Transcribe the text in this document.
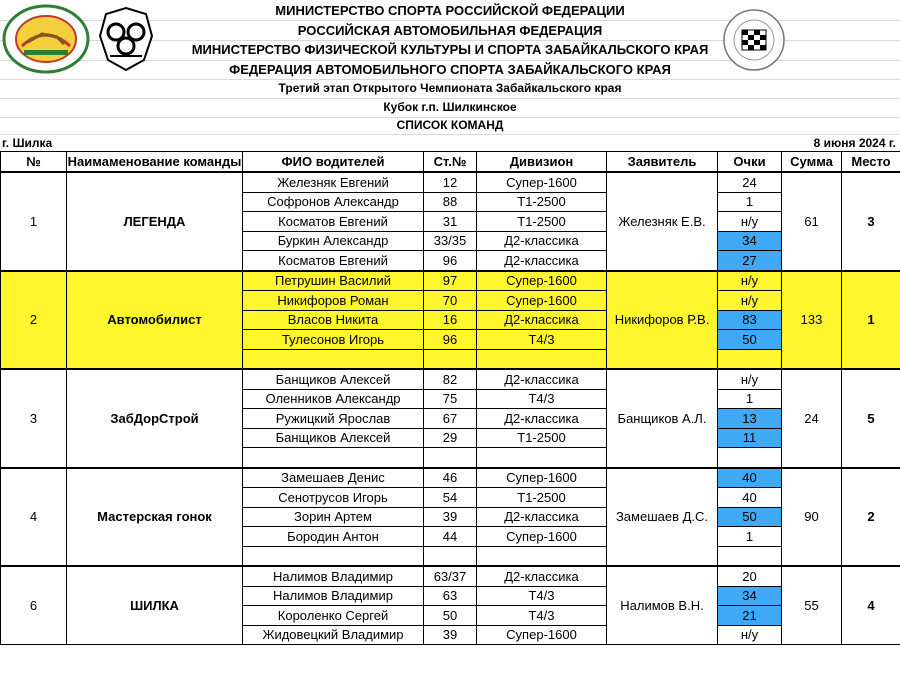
МИНИСТЕРСТВО СПОРТА РОССИЙСКОЙ ФЕДЕРАЦИИ
РОССИЙСКАЯ АВТОМОБИЛЬНАЯ ФЕДЕРАЦИЯ
МИНИСТЕРСТВО ФИЗИЧЕСКОЙ КУЛЬТУРЫ И СПОРТА ЗАБАЙКАЛЬСКОГО КРАЯ
ФЕДЕРАЦИЯ АВТОМОБИЛЬНОГО СПОРТА ЗАБАЙКАЛЬСКОГО КРАЯ
Третий этап Открытого Чемпионата Забайкальского края
Кубок г.п. Шилкинское
СПИСОК КОМАНД
г. Шилка	8 июня 2024 г.
№	Наимаменование команды	ФИО водителей	Ст.№	Дивизион	Заявитель	Очки	Сумма	Место
1	ЛЕГЕНДА	Железняк Евгений	12	Супер-1600	Железняк Е.В.	24	61	3
		Софронов Александр	88	Т1-2500		1		
		Косматов Евгений	31	Т1-2500		н/у		
		Буркин Александр	33/35	Д2-классика		34		
		Косматов Евгений	96	Д2-классика		27		
2	Автомобилист	Петрушин Василий	97	Супер-1600	Никифоров Р.В.	н/у	133	1
		Никифоров Роман	70	Супер-1600		н/у		
		Власов Никита	16	Д2-классика		83		
		Тулесонов Игорь	96	Т4/3		50		

3	ЗабДорСтрой	Банщиков Алексей	82	Д2-классика	Банщиков А.Л.	н/у	24	5
		Оленников Александр	75	Т4/3		1		
		Ружицкий Ярослав	67	Д2-классика		13		
		Банщиков Алексей	29	Т1-2500		11		

4	Мастерская гонок	Замешаев Денис	46	Супер-1600	Замешаев Д.С.	40	90	2
		Сенотрусов Игорь	54	Т1-2500		40		
		Зорин Артем	39	Д2-классика		50		
		Бородин Антон	44	Супер-1600		1		

6	ШИЛКА	Налимов Владимир	63/37	Д2-классика	Налимов В.Н.	20	55	4
		Налимов Владимир	63	Т4/3		34		
		Короленко Сергей	50	Т4/3		21		
		Жидовецкий Владимир	39	Супер-1600		н/у		
